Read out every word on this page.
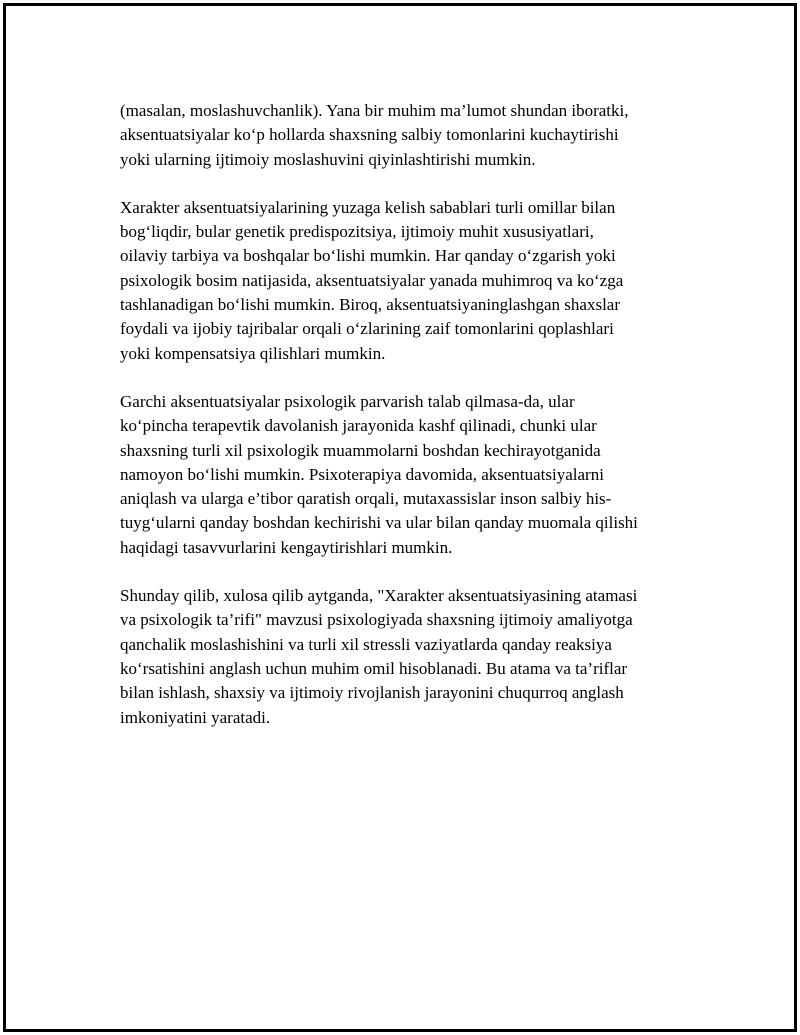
(masalan, moslashuvchanlik). Yana bir muhim ma’lumot shundan iboratki,
aksentuatsiyalar ko‘p hollarda shaxsning salbiy tomonlarini kuchaytirishi
yoki ularning ijtimoiy moslashuvini qiyinlashtirishi mumkin.

Xarakter aksentuatsiyalarining yuzaga kelish sabablari turli omillar bilan
bog‘liqdir, bular genetik predispozitsiya, ijtimoiy muhit xususiyatlari,
oilaviy tarbiya va boshqalar bo‘lishi mumkin. Har qanday o‘zgarish yoki
psixologik bosim natijasida, aksentuatsiyalar yanada muhimroq va ko‘zga
tashlanadigan bo‘lishi mumkin. Biroq, aksentuatsiyaninglashgan shaxslar
foydali va ijobiy tajribalar orqali o‘zlarining zaif tomonlarini qoplashlari
yoki kompensatsiya qilishlari mumkin.

Garchi aksentuatsiyalar psixologik parvarish talab qilmasa-da, ular
ko‘pincha terapevtik davolanish jarayonida kashf qilinadi, chunki ular
shaxsning turli xil psixologik muammolarni boshdan kechirayotganida
namoyon bo‘lishi mumkin. Psixoterapiya davomida, aksentuatsiyalarni
aniqlash va ularga e’tibor qaratish orqali, mutaxassislar inson salbiy his-
tuyg‘ularni qanday boshdan kechirishi va ular bilan qanday muomala qilishi
haqidagi tasavvurlarini kengaytirishlari mumkin.

Shunday qilib, xulosa qilib aytganda, "Xarakter aksentuatsiyasining atamasi
va psixologik ta’rifi" mavzusi psixologiyada shaxsning ijtimoiy amaliyotga
qanchalik moslashishini va turli xil stressli vaziyatlarda qanday reaksiya
ko‘rsatishini anglash uchun muhim omil hisoblanadi. Bu atama va ta’riflar
bilan ishlash, shaxsiy va ijtimoiy rivojlanish jarayonini chuqurroq anglash
imkoniyatini yaratadi.
